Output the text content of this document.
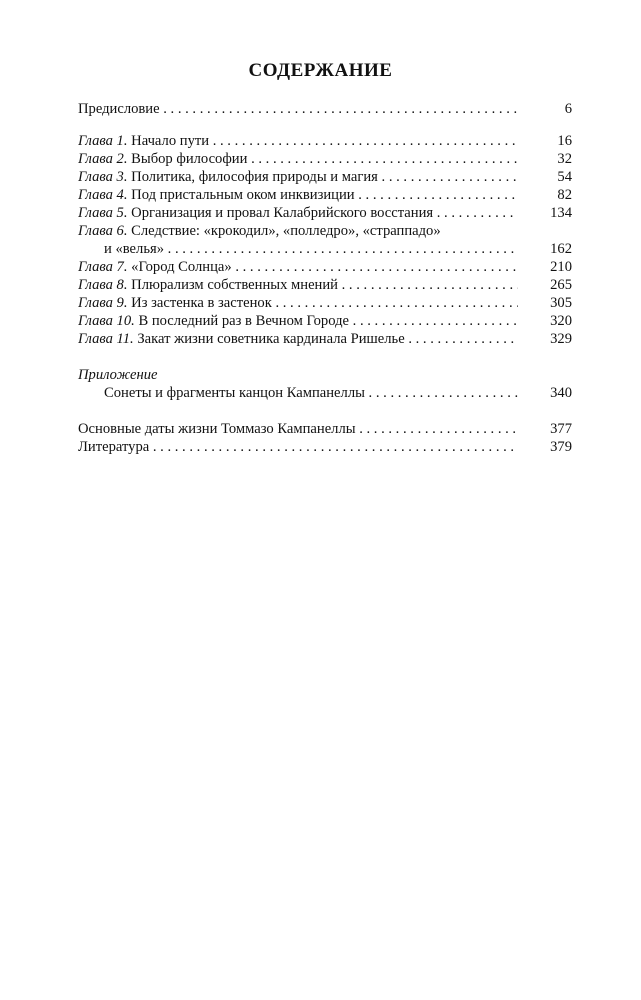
СОДЕРЖАНИЕ
Предисловие . . .	6
Глава 1. Начало пути . . .	16
Глава 2. Выбор философии . . .	32
Глава 3. Политика, философия природы и магия . . .	54
Глава 4. Под пристальным оком инквизиции . . .	82
Глава 5. Организация и провал Калабрийского восстания . . .	134
Глава 6. Следствие: «крокодил», «полледро», «страппадо»
и «велья» . . .	162
Глава 7. «Город Солнца» . . .	210
Глава 8. Плюрализм собственных мнений . . .	265
Глава 9. Из застенка в застенок . . .	305
Глава 10. В последний раз в Вечном Городе . . .	320
Глава 11. Закат жизни советника кардинала Ришелье . . .	329
Приложение
Сонеты и фрагменты канцон Кампанеллы . . .	340
Основные даты жизни Томмазо Кампанеллы . . .	377
Литература . . .	379
